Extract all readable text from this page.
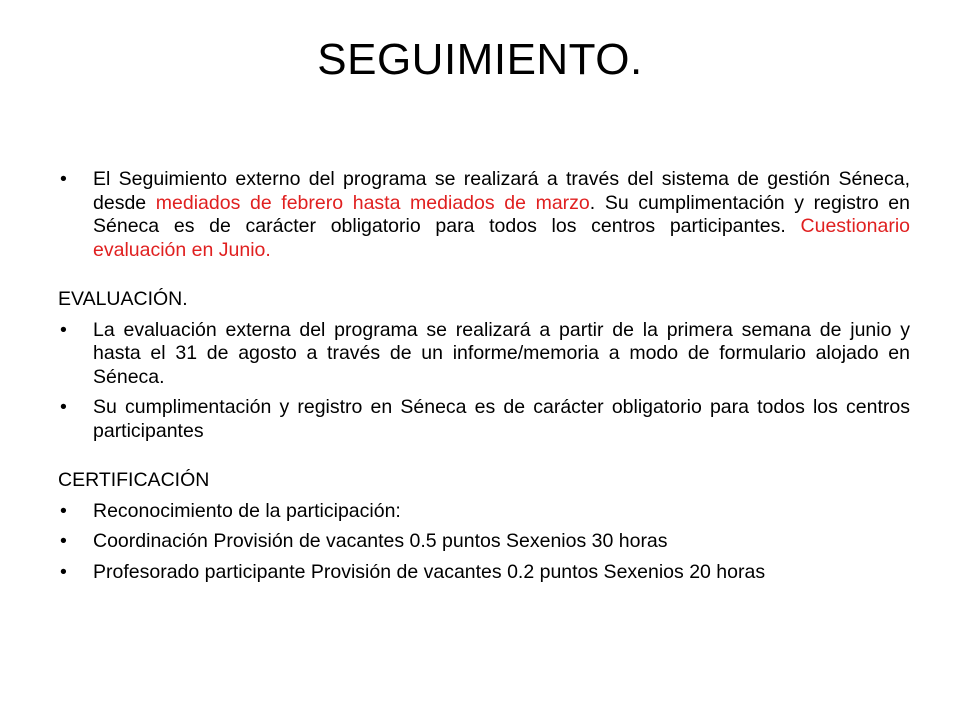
SEGUIMIENTO.
• El Seguimiento externo del programa se realizará a través del sistema de gestión Séneca, desde mediados de febrero hasta mediados de marzo. Su cumplimentación y registro en Séneca es de carácter obligatorio para todos los centros participantes. Cuestionario evaluación en Junio.
EVALUACIÓN.
• La evaluación externa del programa se realizará a partir de la primera semana de junio y hasta el 31 de agosto a través de un informe/memoria a modo de formulario alojado en Séneca.
• Su cumplimentación y registro en Séneca es de carácter obligatorio para todos los centros participantes
CERTIFICACIÓN
• Reconocimiento de la participación:
• Coordinación Provisión de vacantes 0.5 puntos Sexenios 30 horas
• Profesorado participante Provisión de vacantes 0.2 puntos Sexenios 20 horas
